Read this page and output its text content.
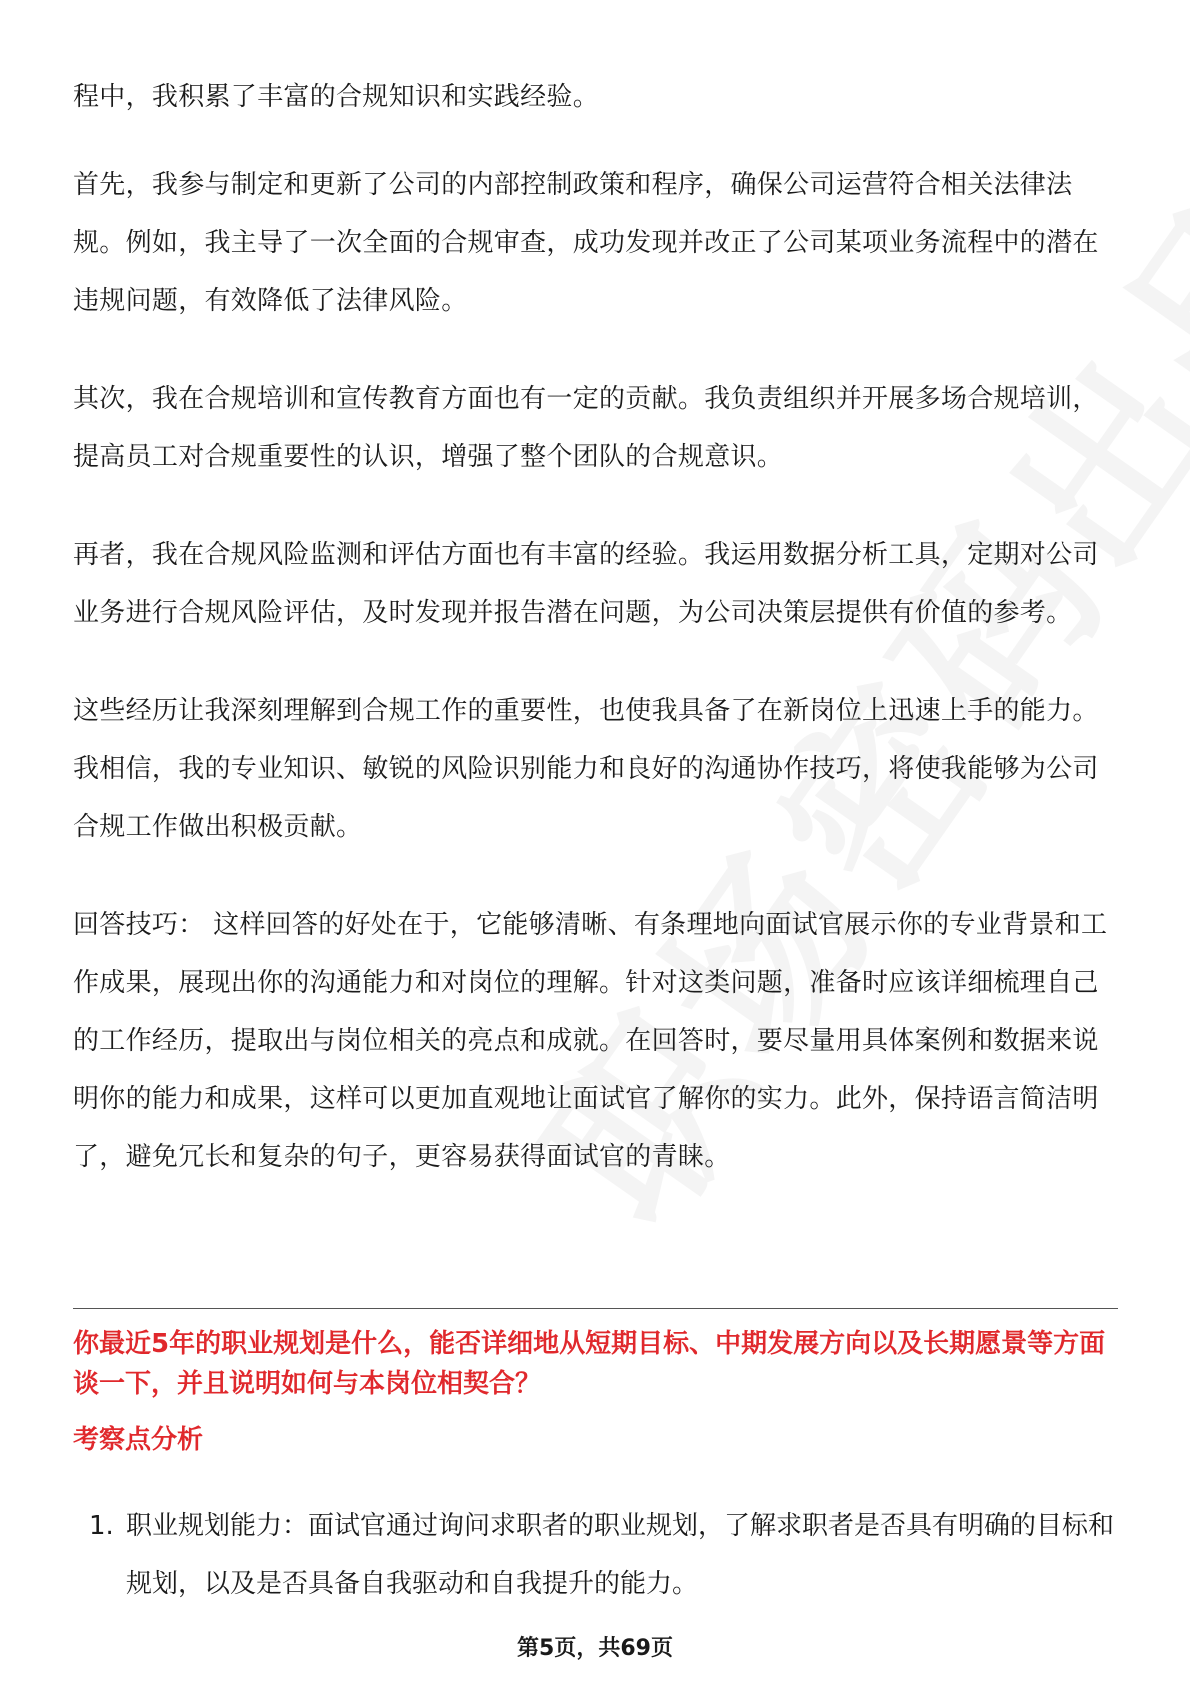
程中，我积累了丰富的合规知识和实践经验。

首先，我参与制定和更新了公司的内部控制政策和程序，确保公司运营符合相关法律法规。例如，我主导了一次全面的合规审查，成功发现并改正了公司某项业务流程中的潜在违规问题，有效降低了法律风险。

其次，我在合规培训和宣传教育方面也有一定的贡献。我负责组织并开展多场合规培训，提高员工对合规重要性的认识，增强了整个团队的合规意识。

再者，我在合规风险监测和评估方面也有丰富的经验。我运用数据分析工具，定期对公司业务进行合规风险评估，及时发现并报告潜在问题，为公司决策层提供有价值的参考。

这些经历让我深刻理解到合规工作的重要性，也使我具备了在新岗位上迅速上手的能力。我相信，我的专业知识、敏锐的风险识别能力和良好的沟通协作技巧，将使我能够为公司合规工作做出积极贡献。

回答技巧： 这样回答的好处在于，它能够清晰、有条理地向面试官展示你的专业背景和工作成果，展现出你的沟通能力和对岗位的理解。针对这类问题，准备时应该详细梳理自己的工作经历，提取出与岗位相关的亮点和成就。在回答时，要尽量用具体案例和数据来说明你的能力和成果，这样可以更加直观地让面试官了解你的实力。此外，保持语言简洁明了，避免冗长和复杂的句子，更容易获得面试官的青睐。

你最近5年的职业规划是什么，能否详细地从短期目标、中期发展方向以及长期愿景等方面谈一下，并且说明如何与本岗位相契合？
考察点分析
1. 职业规划能力：面试官通过询问求职者的职业规划，了解求职者是否具有明确的目标和规划，以及是否具备自我驱动和自我提升的能力。
第5页，共69页
